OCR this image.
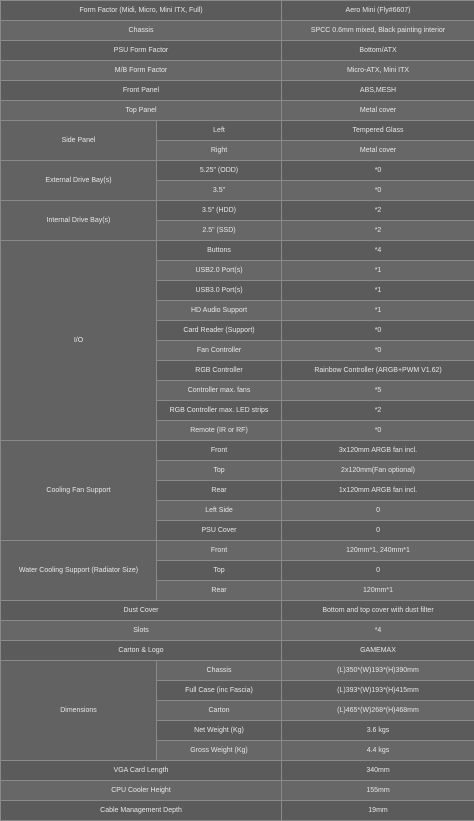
Form Factor (Midi, Micro, Mini ITX, Full)		Aero Mini (Fly#6607)
Chassis		SPCC 0.6mm mixed, Black painting interior
PSU Form Factor		Bottom/ATX
M/B Form Factor		Micro-ATX, Mini ITX
Front Panel		ABS,MESH
Top Panel		Metal cover
Side Panel	Left	Tempered Glass
	Right	Metal cover
External Drive Bay(s)	5.25" (ODD)	*0
	3.5"	*0
Internal Drive Bay(s)	3.5" (HDD)	*2
	2.5" (SSD)	*2
I/O	Buttons	*4
	USB2.0 Port(s)	*1
	USB3.0 Port(s)	*1
	HD Audio Support	*1
	Card Reader (Support)	*0
	Fan Controller	*0
	RGB Controller	Rainbow Controller (ARGB+PWM V1.62)
	Controller max. fans	*5
	RGB Controller max. LED strips	*2
	Remote (IR or RF)	*0
Cooling Fan Support	Front	3x120mm ARGB fan incl.
	Top	2x120mm(Fan optional)
	Rear	1x120mm ARGB fan incl.
	Left Side	0
	PSU Cover	0
Water Cooling Support (Radiator Size)	Front	120mm*1, 240mm*1
	Top	0
	Rear	120mm*1
Dust Cover		Bottom and top cover with dust filter
Slots		*4
Carton & Logo		GAMEMAX
Dimensions	Chassis	(L)350*(W)193*(H)390mm
	Full Case (inc Fascia)	(L)393*(W)193*(H)415mm
	Carton	(L)465*(W)268*(H)468mm
	Net Weight (Kg)	3.6 kgs
	Gross Weight (Kg)	4.4 kgs
VGA Card Length		340mm
CPU Cooler Height		155mm
Cable Management Depth		19mm
